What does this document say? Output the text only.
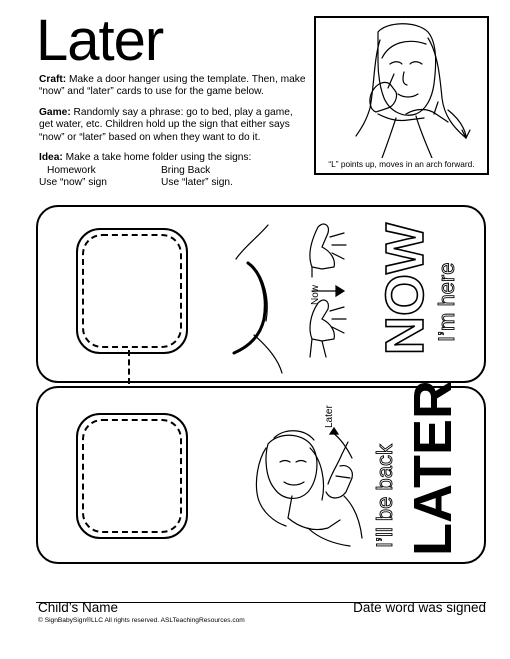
Later

Craft: Make a door hanger using the template. Then, make “now” and “later” cards to use for the game below.

Game: Randomly say a phrase: go to bed, play a game, get water, etc. Children hold up the sign that either says “now” or “later” based on when they want to do it.

Idea: Make a take home folder using the signs:
Homework	Bring Back
Use “now” sign	Use “later” sign.
“L” points up, moves in an arch forward.
Now NOW I’m here
Later
I’ll be back LATER
Child’s Name	Date word was signed
© SignBabySign®LLC All rights reserved. ASLTeachingResources.com
